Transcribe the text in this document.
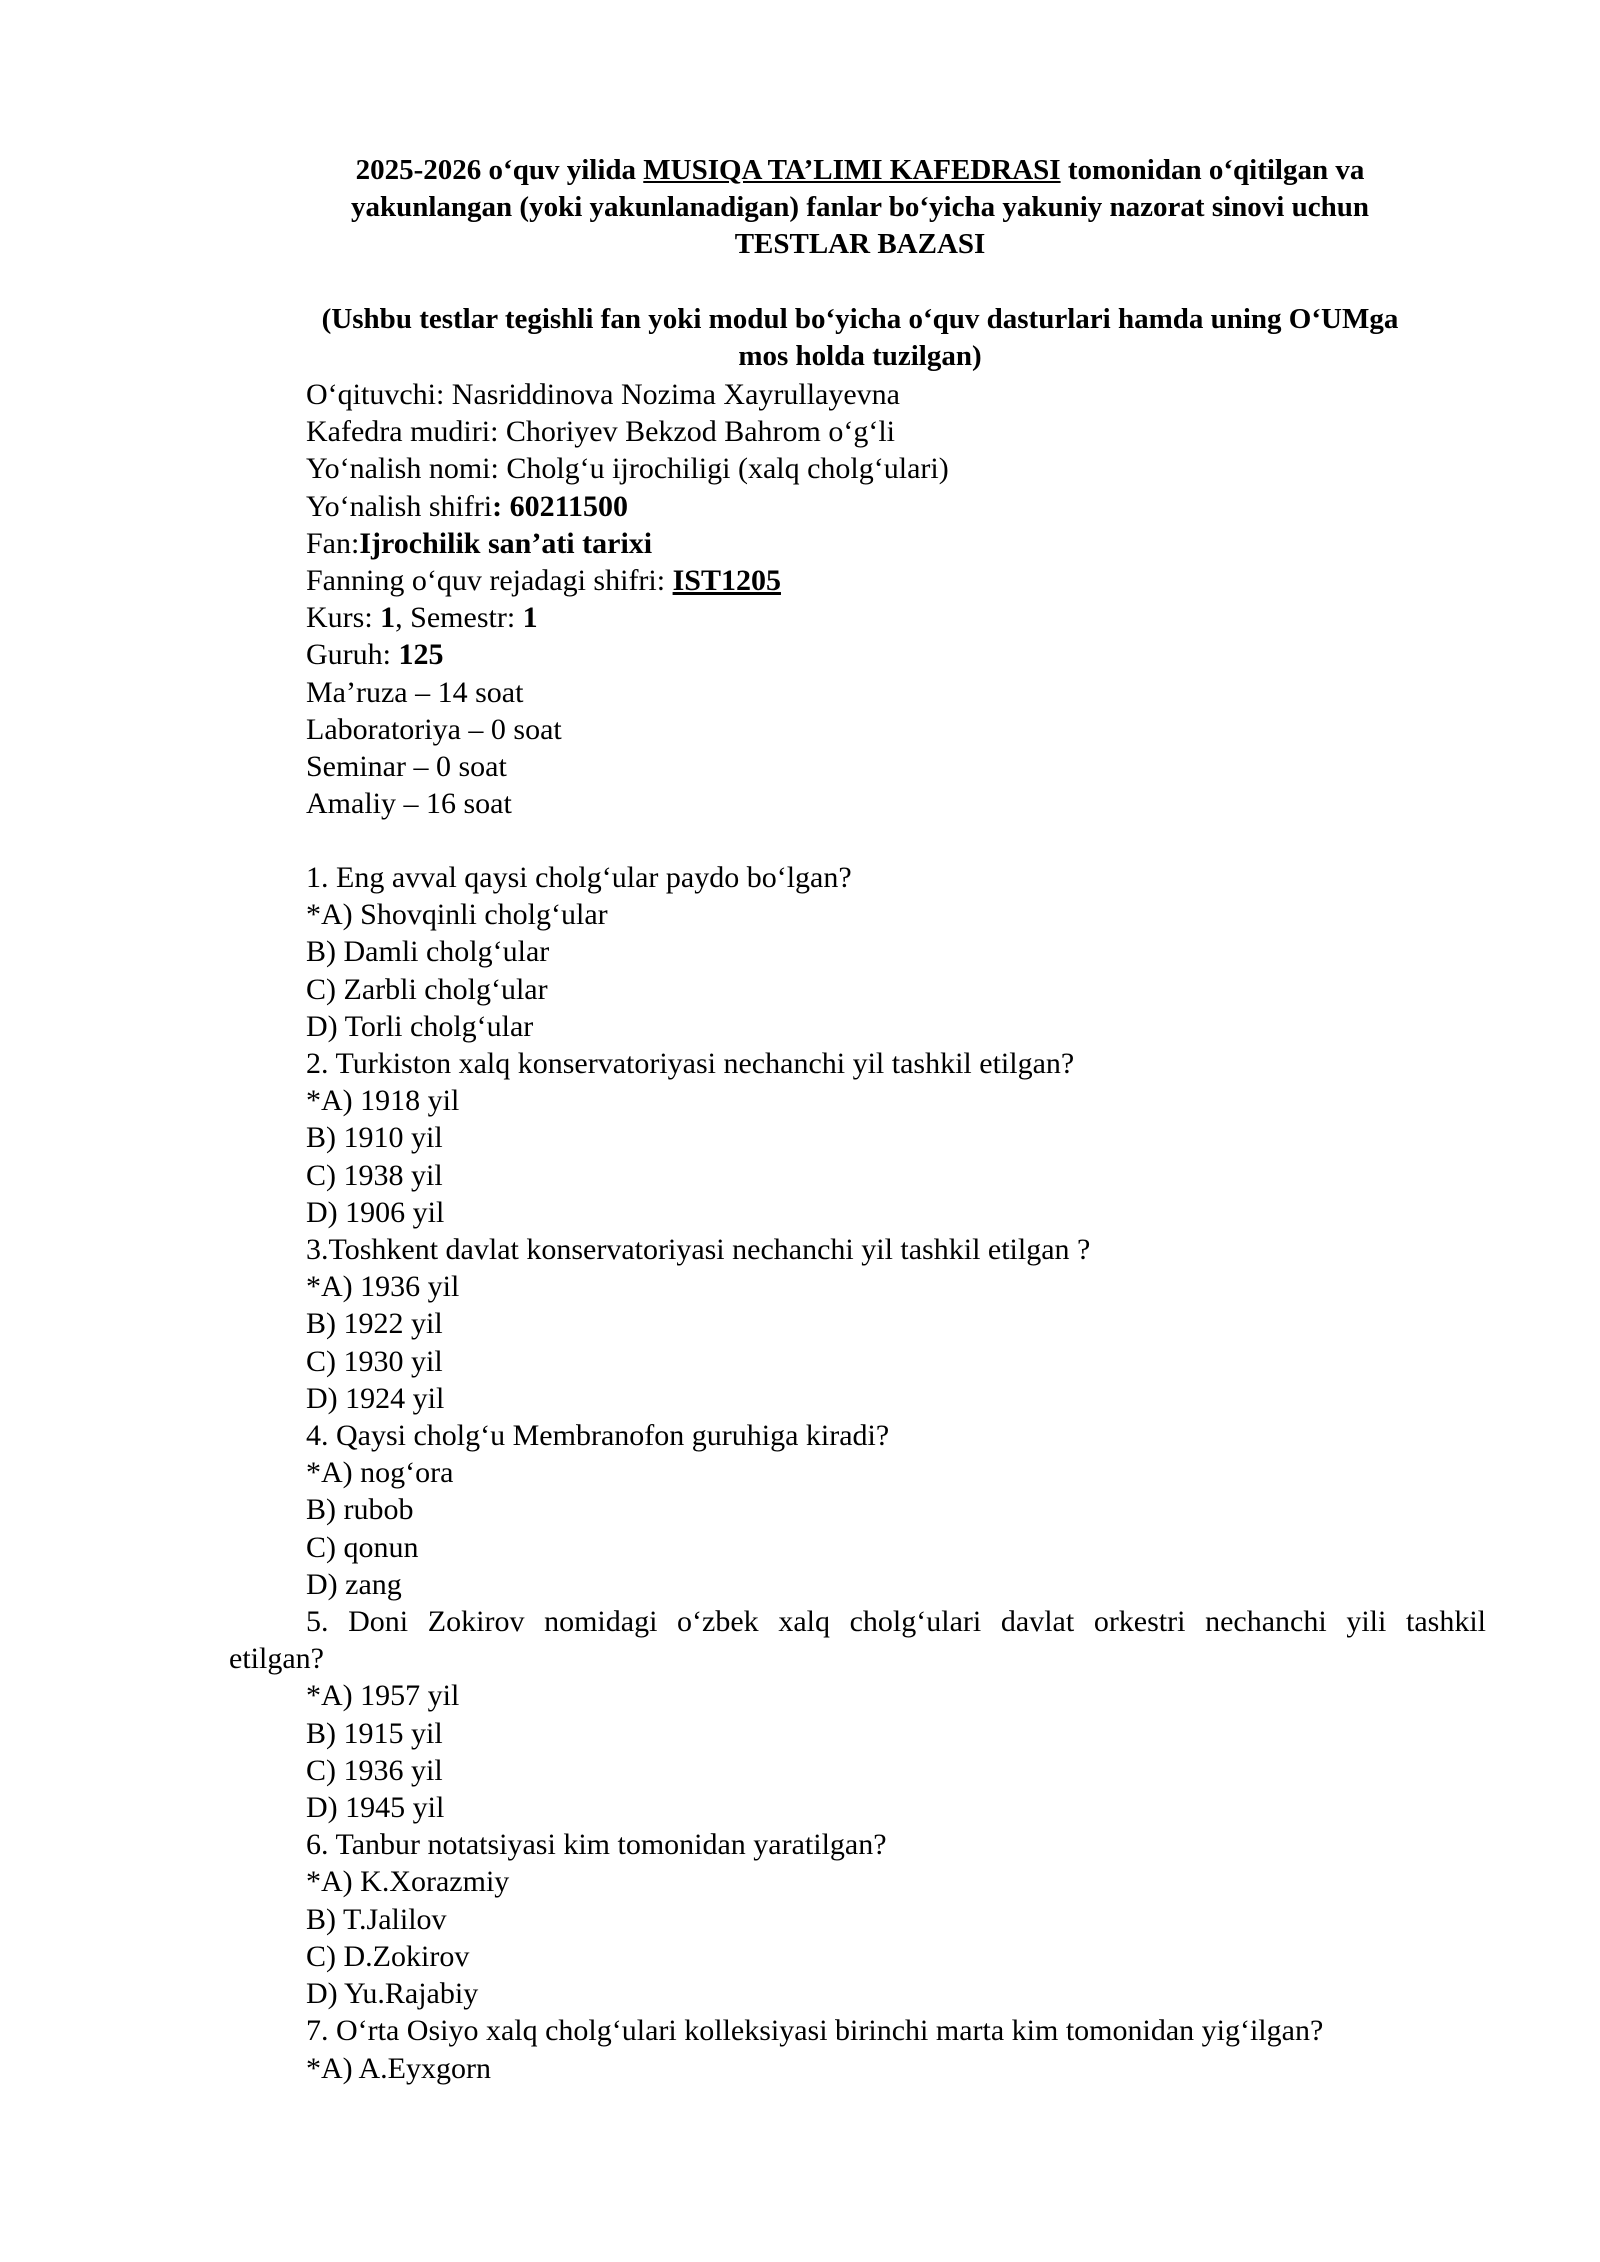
2025-2026 o‘quv yilida MUSIQA TA’LIMI KAFEDRASI tomonidan o‘qitilgan va
yakunlangan (yoki yakunlanadigan) fanlar bo‘yicha yakuniy nazorat sinovi uchun
TESTLAR BAZASI
(Ushbu testlar tegishli fan yoki modul bo‘yicha o‘quv dasturlari hamda uning O‘UMga
mos holda tuzilgan)
O‘qituvchi: Nasriddinova Nozima Xayrullayevna
Kafedra mudiri: Choriyev Bekzod Bahrom o‘g‘li
Yo‘nalish nomi: Cholg‘u ijrochiligi (xalq cholg‘ulari)
Yo‘nalish shifri: 60211500
Fan:Ijrochilik san’ati tarixi
Fanning o‘quv rejadagi shifri: IST1205
Kurs: 1, Semestr: 1
Guruh: 125
Ma’ruza – 14 soat
Laboratoriya – 0 soat
Seminar – 0 soat
Amaliy – 16 soat
1. Eng avval qaysi cholg‘ular paydo bo‘lgan?
*A) Shovqinli cholg‘ular
B) Damli cholg‘ular
C) Zarbli cholg‘ular
D) Torli cholg‘ular
2. Turkiston xalq konservatoriyasi nechanchi yil tashkil etilgan?
*A) 1918 yil
B) 1910 yil
C) 1938 yil
D) 1906 yil
3.Toshkent davlat konservatoriyasi nechanchi yil tashkil etilgan ?
*A) 1936 yil
B) 1922 yil
C) 1930 yil
D) 1924 yil
4. Qaysi cholg‘u Membranofon guruhiga kiradi?
*A) nog‘ora
B) rubob
C) qonun
D) zang
5. Doni Zokirov nomidagi o‘zbek xalq cholg‘ulari davlat orkestri nechanchi yili tashkil
etilgan?
*A) 1957 yil
B) 1915 yil
C) 1936 yil
D) 1945 yil
6. Tanbur notatsiyasi kim tomonidan yaratilgan?
*A) K.Xorazmiy
B) T.Jalilov
C) D.Zokirov
D) Yu.Rajabiy
7. O‘rta Osiyo xalq cholg‘ulari kolleksiyasi birinchi marta kim tomonidan yig‘ilgan?
*A) A.Eyxgorn
